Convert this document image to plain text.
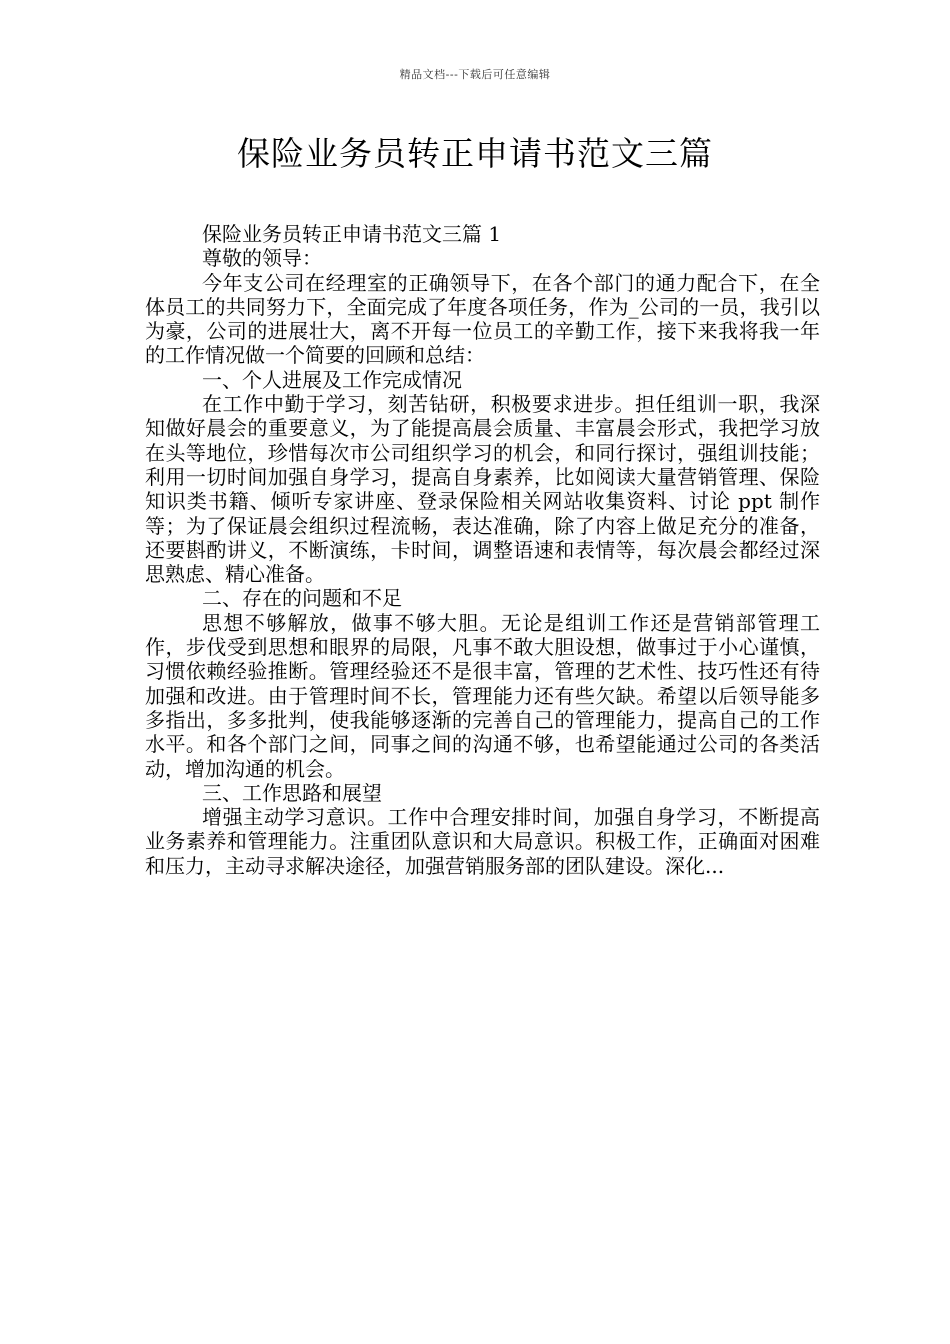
精品文档---下载后可任意编辑
保险业务员转正申请书范文三篇

保险业务员转正申请书范文三篇 1

尊敬的领导：

今年支公司在经理室的正确领导下，在各个部门的通力配合下，在全体员工的共同努力下，全面完成了年度各项任务，作为_公司的一员，我引以为豪，公司的进展壮大，离不开每一位员工的辛勤工作，接下来我将我一年的工作情况做一个简要的回顾和总结：

一、个人进展及工作完成情况

在工作中勤于学习，刻苦钻研，积极要求进步。担任组训一职，我深知做好晨会的重要意义，为了能提高晨会质量、丰富晨会形式，我把学习放在头等地位，珍惜每次市公司组织学习的机会，和同行探讨，强组训技能；利用一切时间加强自身学习，提高自身素养，比如阅读大量营销管理、保险知识类书籍、倾听专家讲座、登录保险相关网站收集资料、讨论 ppt 制作等；为了保证晨会组织过程流畅，表达准确，除了内容上做足充分的准备，还要斟酌讲义，不断演练，卡时间，调整语速和表情等，每次晨会都经过深思熟虑、精心准备。

二、存在的问题和不足

思想不够解放，做事不够大胆。无论是组训工作还是营销部管理工作，步伐受到思想和眼界的局限，凡事不敢大胆设想，做事过于小心谨慎，习惯依赖经验推断。管理经验还不是很丰富，管理的艺术性、技巧性还有待加强和改进。由于管理时间不长，管理能力还有些欠缺。希望以后领导能多多指出，多多批判，使我能够逐渐的完善自己的管理能力，提高自己的工作水平。和各个部门之间，同事之间的沟通不够，也希望能通过公司的各类活动，增加沟通的机会。

三、工作思路和展望

增强主动学习意识。工作中合理安排时间，加强自身学习，不断提高业务素养和管理能力。注重团队意识和大局意识。积极工作，正确面对困难和压力，主动寻求解决途径，加强营销服务部的团队建设。深化...
